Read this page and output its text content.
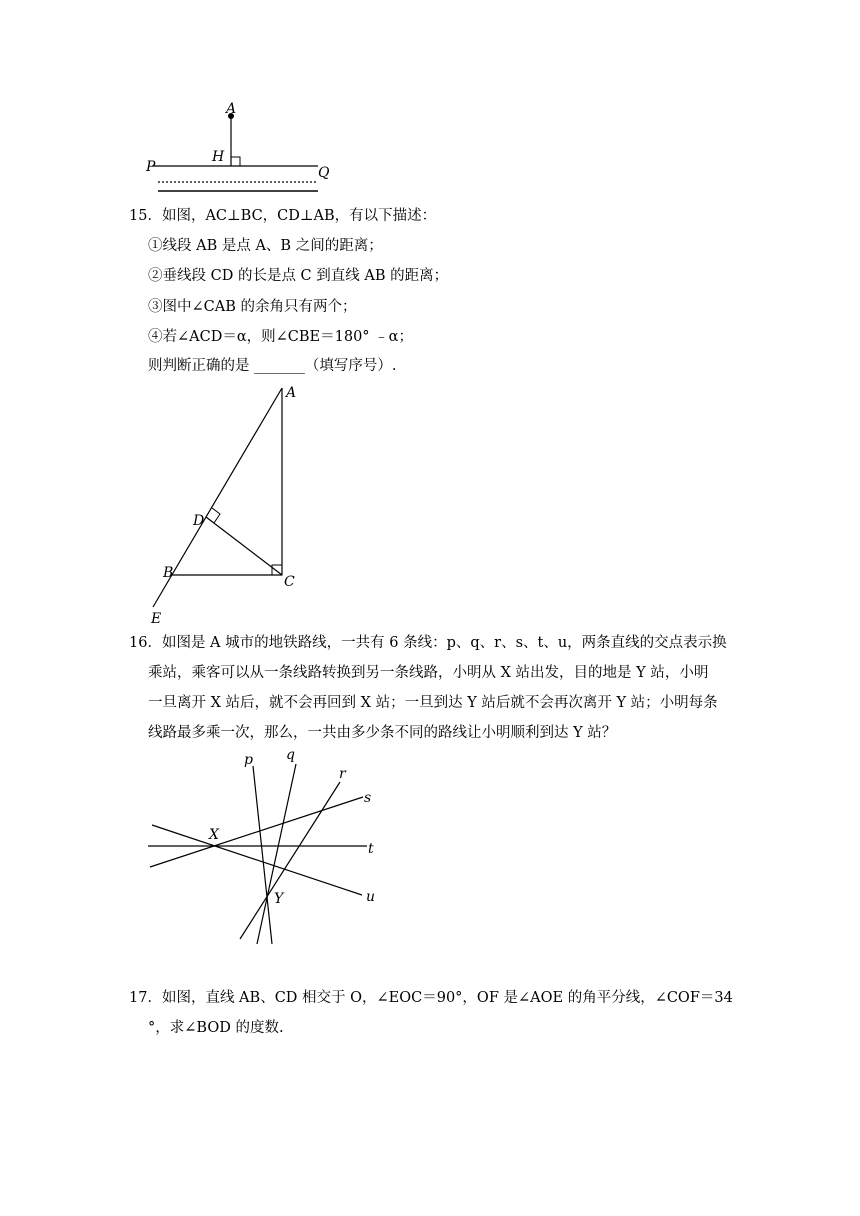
A
H
P	Q
15．如图，AC⊥BC，CD⊥AB，有以下描述：
①线段 AB 是点 A、B 之间的距离；
②垂线段 CD 的长是点 C 到直线 AB 的距离；
③图中∠CAB 的余角只有两个；
④若∠ACD＝α，则∠CBE＝180° ﹣α；
则判断正确的是 _______（填写序号）.
A
D
B
C
E
16．如图是 A 城市的地铁路线，一共有 6 条线：p、q、r、s、t、u，两条直线的交点表示换
乘站，乘客可以从一条线路转换到另一条线路，小明从 X 站出发，目的地是 Y 站，小明
一旦离开 X 站后，就不会再回到 X 站；一旦到达 Y 站后就不会再次离开 Y 站；小明每条
线路最多乘一次，那么，一共由多少条不同的路线让小明顺利到达 Y 站？
p q
r
s
t
u
X
Y
17．如图，直线 AB、CD 相交于 O，∠EOC＝90°，OF 是∠AOE 的角平分线，∠COF＝34
°，求∠BOD 的度数.
